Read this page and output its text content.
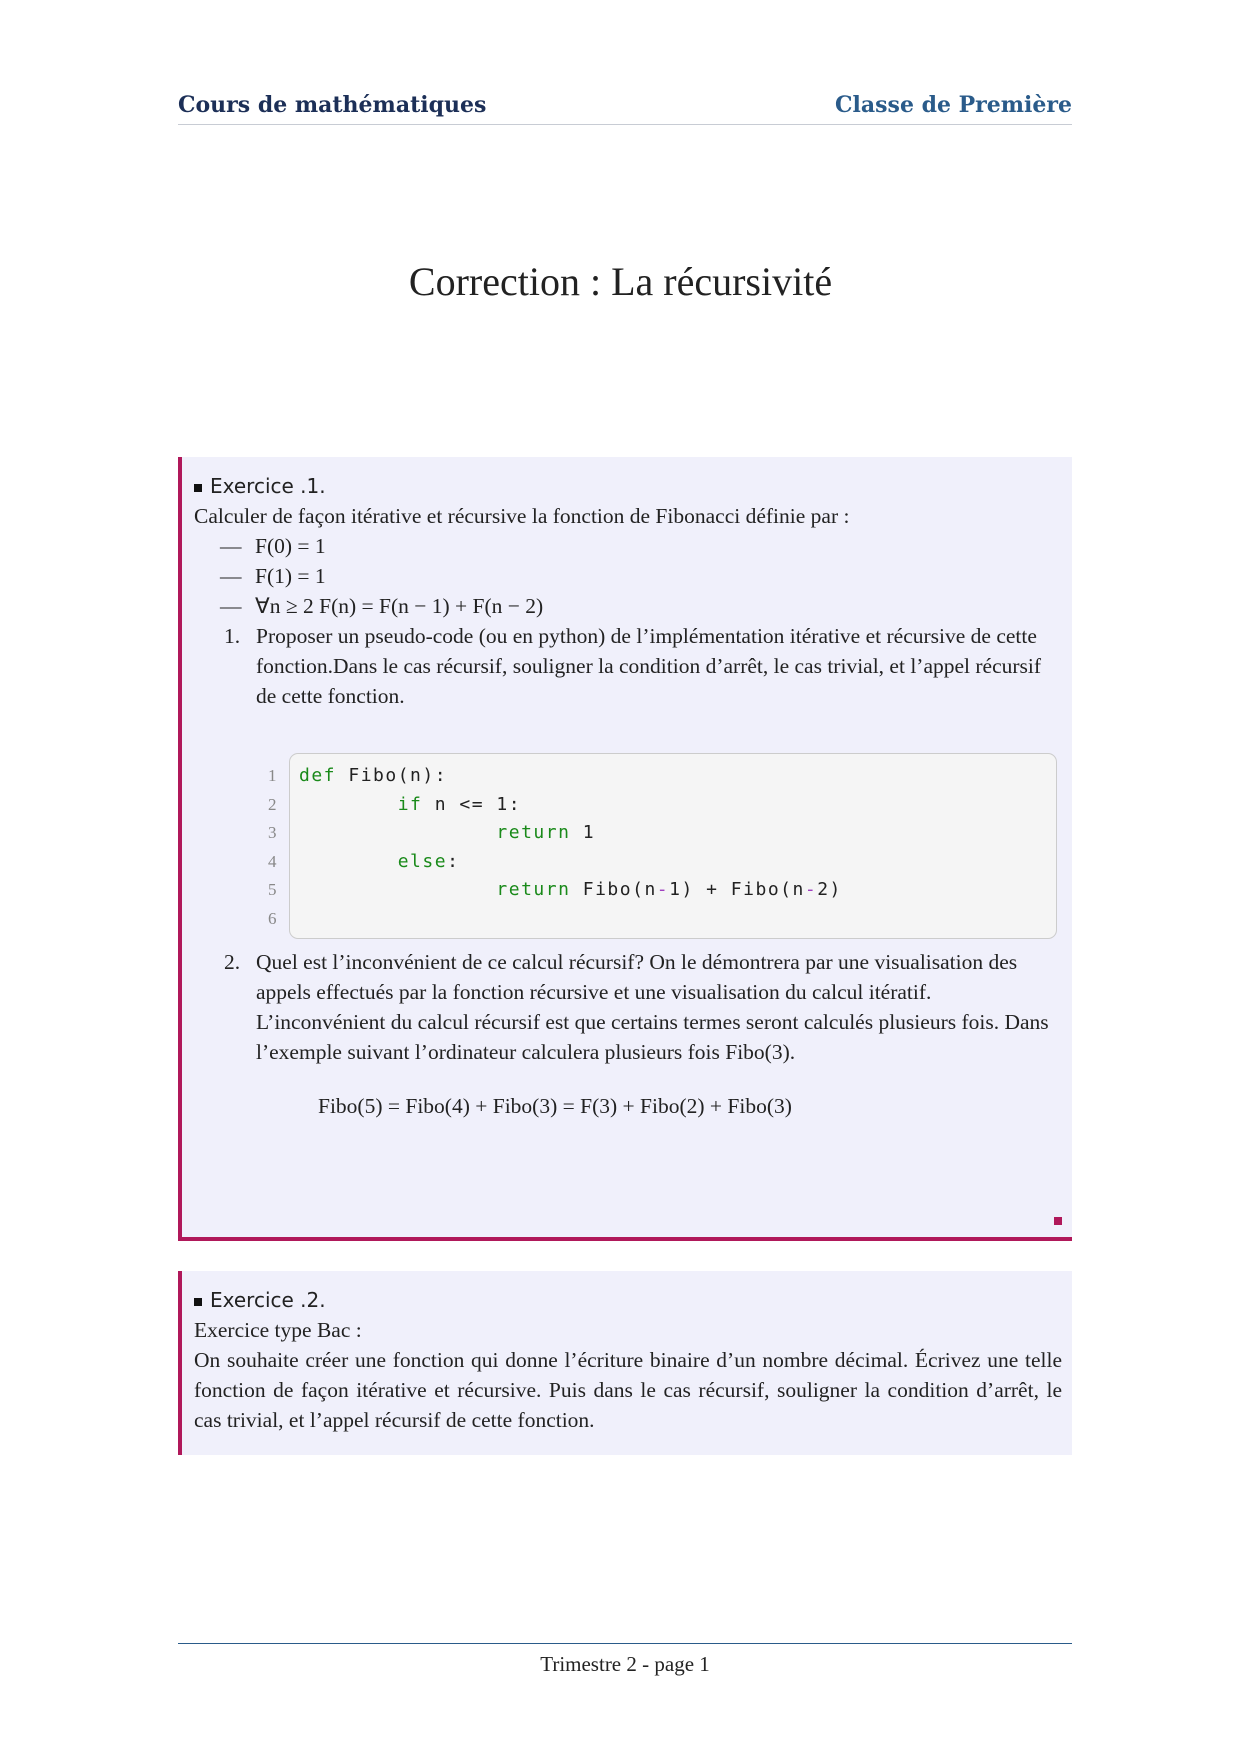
Cours de mathématiques	Classe de Première
Correction : La récursivité
Exercice .1.
Calculer de façon itérative et récursive la fonction de Fibonacci définie par :
— F(0) = 1
— F(1) = 1
— ∀n ≥ 2 F(n) = F(n − 1) + F(n − 2)
1. Proposer un pseudo-code (ou en python) de l’implémentation itérative et récursive de cette fonction.Dans le cas récursif, souligner la condition d’arrêt, le cas trivial, et l’appel récursif de cette fonction.
1 def Fibo(n):
2	if n <= 1:
3	return 1
4	else:
5	return Fibo(n-1) + Fibo(n-2)
6
2. Quel est l’inconvénient de ce calcul récursif? On le démontrera par une visualisation des appels effectués par la fonction récursive et une visualisation du calcul itératif.
L’inconvénient du calcul récursif est que certains termes seront calculés plusieurs fois. Dans l’exemple suivant l’ordinateur calculera plusieurs fois Fibo(3).
Fibo(5) = Fibo(4) + Fibo(3) = F(3) + Fibo(2) + Fibo(3)
Exercice .2.
Exercice type Bac :
On souhaite créer une fonction qui donne l’écriture binaire d’un nombre décimal. Écrivez une telle fonction de façon itérative et récursive. Puis dans le cas récursif, souligner la condition d’arrêt, le cas trivial, et l’appel récursif de cette fonction.
Trimestre 2 - page 1
